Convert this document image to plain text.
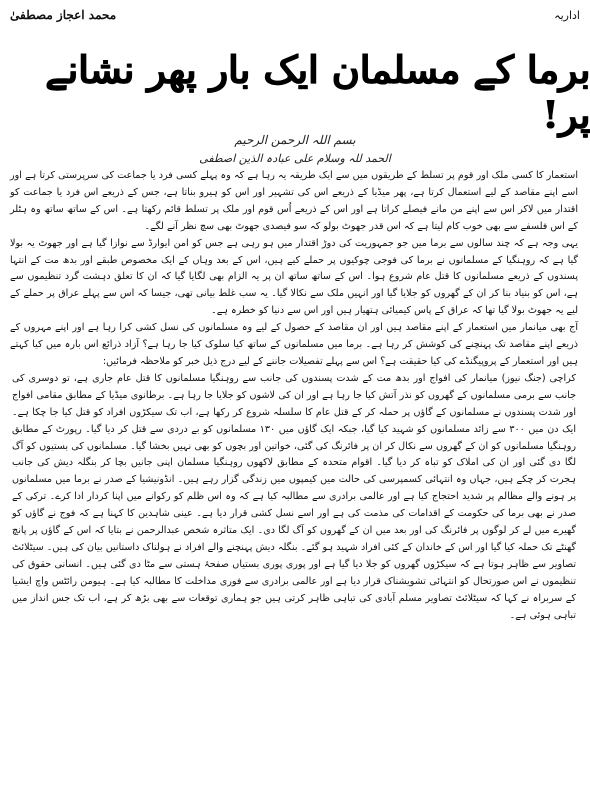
اداریہ
محمد اعجاز مصطفیٰ
برما کے مسلمان ایک بار پھر نشانے پر!
بسم اللہ الرحمن الرحیم
الحمد للہ وسلام علی عبادہ الذین اصطفی

استعمار کا کسی ملک اور قوم پر تسلط کے طریقوں میں سے ایک طریقہ یہ رہا ہے کہ وہ پہلے کسی فرد یا جماعت کی سرپرستی کرتا ہے اور اسے اپنے مقاصد کے لیے استعمال کرتا ہے، پھر میڈیا کے ذریعے اس کی تشہیر اور اس کو ہیرو بناتا ہے، جس کے ذریعے اس فرد یا جماعت کو اقتدار میں لاکر اس سے اپنے من مانے فیصلے کراتا ہے اور اس کے ذریعے اُس قوم اور ملک پر تسلط قائم رکھتا ہے۔ اس کے ساتھ ساتھ وہ ہٹلر کے اس فلسفے سے بھی خوب کام لیتا ہے کہ اس قدر جھوٹ بولو کہ سو فیصدی جھوٹ بھی سچ نظر آنے لگے۔

یہی وجہ ہے کہ چند سالوں سے برما میں جو جمہوریت کی دوڑ اقتدار میں ہو رہی ہے جس کو امن ایوارڈ سے نوازا گیا ہے اور جھوٹ یہ بولا گیا ہے کہ روہنگیا کے مسلمانوں نے برما کی فوجی چوکیوں پر حملے کیے ہیں، اس کے بعد وہاں کے ایک مخصوص طبقے اور بدھ مت کے انتہا پسندوں کے ذریعے مسلمانوں کا قتل عام شروع ہوا۔ اس کے ساتھ ساتھ ان پر یہ الزام بھی لگایا گیا کہ ان کا تعلق دہشت گرد تنظیموں سے ہے، اس کو بنیاد بنا کر ان کے گھروں کو جلایا گیا اور انہیں ملک سے نکالا گیا۔ یہ سب غلط بیانی تھی، جیسا کہ اس سے پہلے عراق پر حملے کے لیے یہ جھوٹ بولا گیا تھا کہ عراق کے پاس کیمیائی ہتھیار ہیں اور اس سے دنیا کو خطرہ ہے۔

آج بھی میانمار میں استعمار کے اپنے مقاصد ہیں اور ان مقاصد کے حصول کے لیے وہ مسلمانوں کی نسل کشی کرا رہا ہے اور اپنے مہروں کے ذریعے اپنے مقاصد تک پہنچنے کی کوشش کر رہا ہے۔ برما میں مسلمانوں کے ساتھ کیا سلوک کیا جا رہا ہے؟ آزاد ذرائع اس بارہ میں کیا کہتے ہیں اور استعمار کے پروپیگنڈے کی کیا حقیقت ہے؟ اس سے پہلے تفصیلات جاننے کے لیے درج ذیل خبر کو ملاحظہ فرمائیں:

کراچی (جنگ نیوز) میانمار کی افواج اور بدھ مت کے شدت پسندوں کی جانب سے روہنگیا مسلمانوں کا قتل عام جاری ہے، تو دوسری کی جانب سے برمی مسلمانوں کے گھروں کو نذر آتش کیا جا رہا ہے اور ان کی لاشوں کو جلایا جا رہا ہے۔ برطانوی میڈیا کے مطابق مقامی افواج اور شدت پسندوں نے مسلمانوں کے گاؤں پر حملہ کر کے قتل عام کا سلسلہ شروع کر رکھا ہے، اب تک سیکڑوں افراد کو قتل کیا جا چکا ہے۔ ایک دن میں ۳۰۰ سے زائد مسلمانوں کو شہید کیا گیا، جبکہ ایک گاؤں میں ۱۳۰ مسلمانوں کو بے دردی سے قتل کر دیا گیا۔ رپورٹ کے مطابق روہنگیا مسلمانوں کو ان کے گھروں سے نکال کر ان پر فائرنگ کی گئی، خواتین اور بچوں کو بھی نہیں بخشا گیا۔ مسلمانوں کی بستیوں کو آگ لگا دی گئی اور ان کی املاک کو تباہ کر دیا گیا۔ اقوام متحدہ کے مطابق لاکھوں روہنگیا مسلمان اپنی جانیں بچا کر بنگلہ دیش کی جانب ہجرت کر چکے ہیں، جہاں وہ انتہائی کسمپرسی کی حالت میں کیمپوں میں زندگی گزار رہے ہیں۔ انڈونیشیا کے صدر نے برما میں مسلمانوں پر ہونے والے مظالم پر شدید احتجاج کیا ہے اور عالمی برادری سے مطالبہ کیا ہے کہ وہ اس ظلم کو رکوانے میں اپنا کردار ادا کرے۔ ترکی کے صدر نے بھی برما کی حکومت کے اقدامات کی مذمت کی ہے اور اسے نسل کشی قرار دیا ہے۔ عینی شاہدین کا کہنا ہے کہ فوج نے گاؤں کو گھیرے میں لے کر لوگوں پر فائرنگ کی اور بعد میں ان کے گھروں کو آگ لگا دی۔ ایک متاثرہ شخص عبدالرحمن نے بتایا کہ اس کے گاؤں پر پانچ گھنٹے تک حملہ کیا گیا اور اس کے خاندان کے کئی افراد شہید ہو گئے۔ بنگلہ دیش پہنچنے والے افراد نے ہولناک داستانیں بیان کی ہیں۔ سیٹلائٹ تصاویر سے ظاہر ہوتا ہے کہ سیکڑوں گھروں کو جلا دیا گیا ہے اور پوری پوری بستیاں صفحۂ ہستی سے مٹا دی گئی ہیں۔ انسانی حقوق کی تنظیموں نے اس صورتحال کو انتہائی تشویشناک قرار دیا ہے اور عالمی برادری سے فوری مداخلت کا مطالبہ کیا ہے۔ ہیومن رائٹس واچ ایشیا کے سربراہ نے کہا کہ سیٹلائٹ تصاویر مسلم آبادی کی تباہی ظاہر کرتی ہیں جو ہماری توقعات سے بھی بڑھ کر ہے، اب تک جس انداز میں تباہی ہوئی ہے۔
